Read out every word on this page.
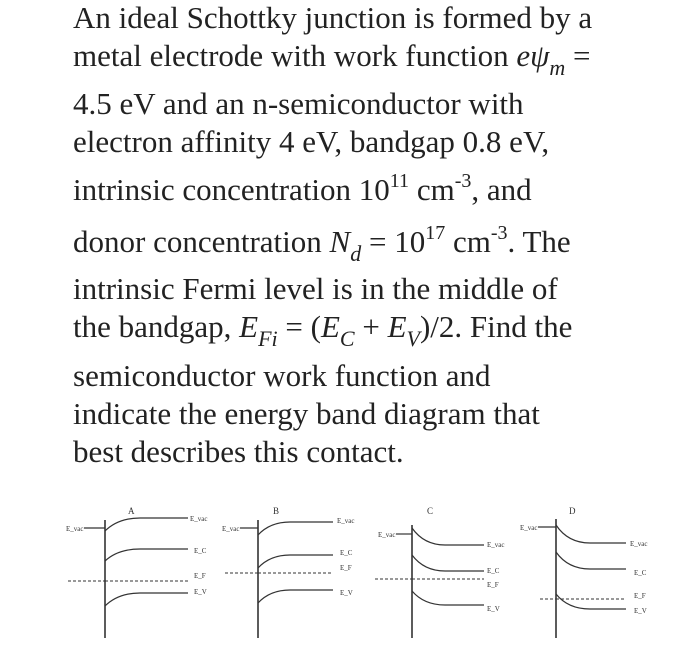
An ideal Schottky junction is formed by a
metal electrode with work function $e\psi_m$ =
4.5 eV and an n-semiconductor with
electron affinity 4 eV, bandgap 0.8 eV,
intrinsic concentration $10^{11}$ $cm^{-3}$, and
donor concentration $N_d = 10^{17}$ $cm^{-3}$. The
intrinsic Fermi level is in the middle of
the bandgap, $E_{Fi} = (E_C + E_V)/2$. Find the
semiconductor work function and
indicate the energy band diagram that
best describes this contact.
A
E_vac
E_vac
E_C
E_F
E_V
B
E_vac
E_vac
E_C
E_F
E_V
C
E_vac
E_vac
E_C
E_F
E_V
D
E_vac
E_vac
E_C
E_F
E_V
